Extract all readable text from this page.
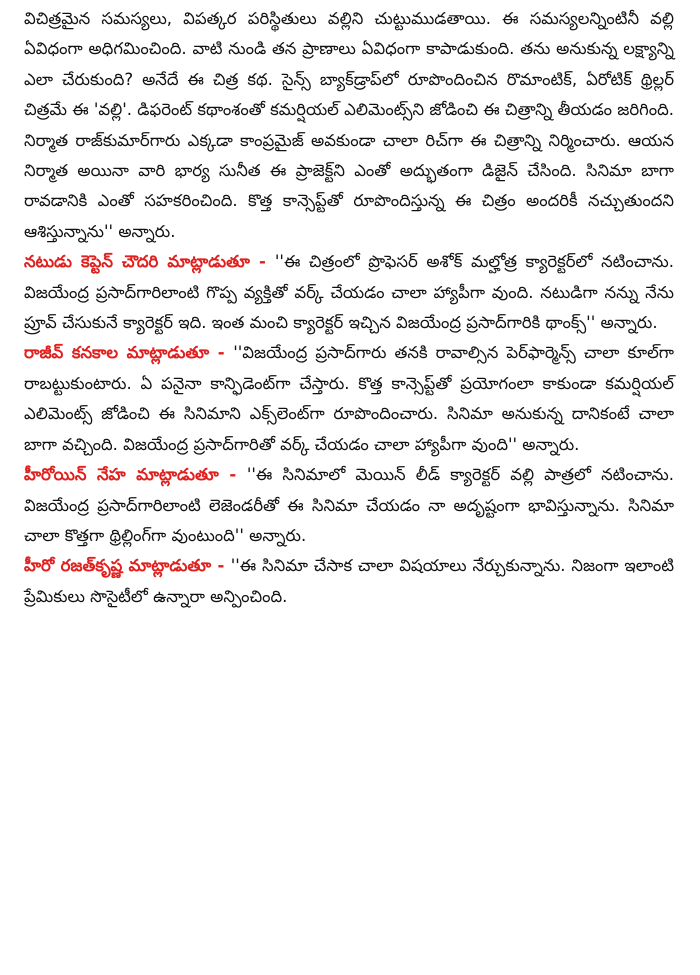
విచిత్రమైన సమస్యలు, విపత్కర పరిస్థితులు వల్లిని చుట్టుముడతాయి. ఈ సమస్యలన్నింటినీ వల్లి ఏవిధంగా అధిగమించింది. వాటి నుండి తన ప్రాణాలు ఏవిధంగా కాపాడుకుంది. తను అనుకున్న లక్ష్యాన్ని ఎలా చేరుకుంది? అనేదే ఈ చిత్ర కథ. సైన్స్ బ్యాక్‌డ్రాప్‌లో రూపొందించిన రొమాంటిక్, ఏరోటిక్ థ్రిల్లర్ చిత్రమే ఈ 'వల్లి'. డిఫరెంట్ కథాంశంతో కమర్షియల్ ఎలిమెంట్స్‌ని జోడించి ఈ చిత్రాన్ని తీయడం జరిగింది. నిర్మాత రాజ్‌కుమార్‌గారు ఎక్కడా కాంప్రమైజ్ అవకుండా చాలా రిచ్‌గా ఈ చిత్రాన్ని నిర్మించారు. ఆయన నిర్మాత అయినా వారి భార్య సునీత ఈ ప్రాజెక్ట్‌ని ఎంతో అద్భుతంగా డిజైన్ చేసింది. సినిమా బాగా రావడానికి ఎంతో సహకరించింది. కొత్త కాన్సెప్ట్‌తో రూపొందిస్తున్న ఈ చిత్రం అందరికీ నచ్చుతుందని ఆశిస్తున్నాను'' అన్నారు.

నటుడు కెప్టెన్ చౌదరి మాట్లాడుతూ - ''ఈ చిత్రంలో ప్రొఫెసర్ అశోక్ మల్హోత్ర క్యారెక్టర్‌లో నటించాను. విజయేంద్ర ప్రసాద్‌గారిలాంటి గొప్ప వ్యక్తితో వర్క్ చేయడం చాలా హ్యాపీగా వుంది. నటుడిగా నన్ను నేను ప్రూవ్ చేసుకునే క్యారెక్టర్ ఇది. ఇంత మంచి క్యారెక్టర్ ఇచ్చిన విజయేంద్ర ప్రసాద్‌గారికి థాంక్స్'' అన్నారు.

రాజీవ్ కనకాల మాట్లాడుతూ - ''విజయేంద్ర ప్రసాద్‌గారు తనకి రావాల్సిన పెర్‌ఫార్మెన్స్ చాలా కూల్‌గా రాబట్టుకుంటారు. ఏ పనైనా కాన్ఫిడెంట్‌గా చేస్తారు. కొత్త కాన్సెప్ట్‌తో ప్రయోగంలా కాకుండా కమర్షియల్ ఎలిమెంట్స్ జోడించి ఈ సినిమాని ఎక్స్‌లెంట్‌గా రూపొందించారు. సినిమా అనుకున్న దానికంటే చాలా బాగా వచ్చింది. విజయేంద్ర ప్రసాద్‌గారితో వర్క్ చేయడం చాలా హ్యాపీగా వుంది'' అన్నారు.

హీరోయిన్ నేహ మాట్లాడుతూ - ''ఈ సినిమాలో మెయిన్ లీడ్ క్యారెక్టర్ వల్లి పాత్రలో నటించాను. విజయేంద్ర ప్రసాద్‌గారిలాంటి లెజెండరీతో ఈ సినిమా చేయడం నా అదృష్టంగా భావిస్తున్నాను. సినిమా చాలా కొత్తగా థ్రిల్లింగ్‌గా వుంటుంది'' అన్నారు.

హీరో రజత్‌కృష్ణ మాట్లాడుతూ - ''ఈ సినిమా చేసాక చాలా విషయాలు నేర్చుకున్నాను. నిజంగా ఇలాంటి ప్రేమికులు సొసైటీలో ఉన్నారా అన్పించింది.
